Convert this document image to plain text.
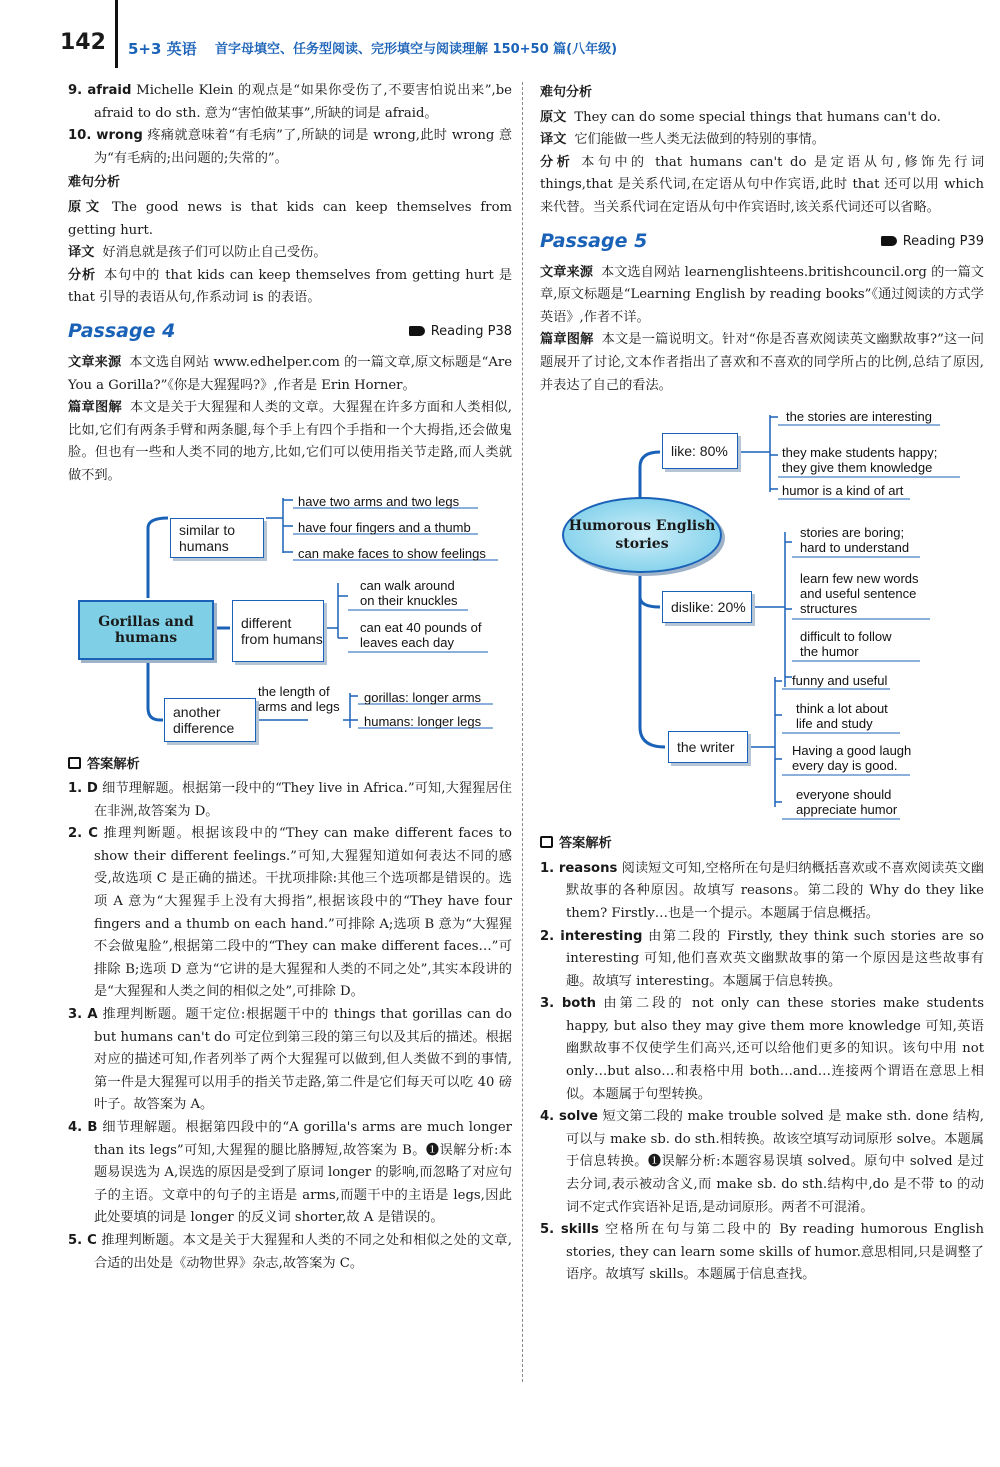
142 5+3 英语 首字母填空、任务型阅读、完形填空与阅读理解 150+50 篇(八年级)

9. afraid Michelle Klein 的观点是“如果你受伤了,不要害怕说出来”,be afraid to do sth. 意为“害怕做某事”,所缺的词是 afraid。

10. wrong 疼痛就意味着“有毛病”了,所缺的词是 wrong,此时 wrong 意为“有毛病的;出问题的;失常的”。

难句分析

原文 The good news is that kids can keep themselves from getting hurt.

译文 好消息就是孩子们可以防止自己受伤。

分析 本句中的 that kids can keep themselves from getting hurt 是 that 引导的表语从句,作系动词 is 的表语。

Passage 4	Reading P38

文章来源 本文选自网站 www.edhelper.com 的一篇文章,原文标题是“Are You a Gorilla?”《你是大猩猩吗?》,作者是 Erin Horner。

篇章图解 本文是关于大猩猩和人类的文章。大猩猩在许多方面和人类相似,比如,它们有两条手臂和两条腿,每个手上有四个手指和一个大拇指,还会做鬼脸。但也有一些和人类不同的地方,比如,它们可以使用指关节走路,而人类就做不到。

Gorillas and humans
similar to humans
different from humans
another difference
have two arms and two legs
have four fingers and a thumb
can make faces to show feelings
can walk around on their knuckles
can eat 40 pounds of leaves each day
the length of arms and legs
gorillas: longer arms
humans: longer legs
答案解析

1. D 细节理解题。根据第一段中的“They live in Africa.”可知,大猩猩居住在非洲,故答案为 D。

2. C 推理判断题。根据该段中的“They can make different faces to show their different feelings.”可知,大猩猩知道如何表达不同的感受,故选项 C 是正确的描述。干扰项排除:其他三个选项都是错误的。选项 A 意为“大猩猩手上没有大拇指”,根据该段中的“They have four fingers and a thumb on each hand.”可排除 A;选项 B 意为“大猩猩不会做鬼脸”,根据第二段中的“They can make different faces…”可排除 B;选项 D 意为“它讲的是大猩猩和人类的不同之处”,其实本段讲的是“大猩猩和人类之间的相似之处”,可排除 D。

3. A 推理判断题。题干定位:根据题干中的 things that gorillas can do but humans can't do 可定位到第三段的第三句以及其后的描述。根据对应的描述可知,作者列举了两个大猩猩可以做到,但人类做不到的事情,第一件是大猩猩可以用手的指关节走路,第二件是它们每天可以吃 40 磅叶子。故答案为 A。

4. B 细节理解题。根据第四段中的“A gorilla's arms are much longer than its legs”可知,大猩猩的腿比胳膊短,故答案为 B。❶误解分析:本题易误选为 A,误选的原因是受到了原词 longer 的影响,而忽略了对应句子的主语。文章中的句子的主语是 arms,而题干中的主语是 legs,因此此处要填的词是 longer 的反义词 shorter,故 A 是错误的。

5. C 推理判断题。本文是关于大猩猩和人类的不同之处和相似之处的文章,合适的出处是《动物世界》杂志,故答案为 C。

难句分析

原文 They can do some special things that humans can't do.

译文 它们能做一些人类无法做到的特别的事情。

分析 本句中的 that humans can't do 是定语从句,修饰先行词 things,that 是关系代词,在定语从句中作宾语,此时 that 还可以用 which 来代替。当关系代词在定语从句中作宾语时,该关系代词还可以省略。

Passage 5	Reading P39

文章来源 本文选自网站 learnenglishteens.britishcouncil.org 的一篇文章,原文标题是“Learning English by reading books”《通过阅读的方式学英语》,作者不详。

篇章图解 本文是一篇说明文。针对“你是否喜欢阅读英文幽默故事?”这一问题展开了讨论,文本作者指出了喜欢和不喜欢的同学所占的比例,总结了原因,并表达了自己的看法。

Humorous English stories
like: 80%
dislike: 20%
the writer
the stories are interesting
they make students happy; they give them knowledge
humor is a kind of art
stories are boring; hard to understand
learn few new words and useful sentence structures
difficult to follow the humor
funny and useful
think a lot about life and study
Having a good laugh every day is good.
everyone should appreciate humor
答案解析

1. reasons 阅读短文可知,空格所在句是归纳概括喜欢或不喜欢阅读英文幽默故事的各种原因。故填写 reasons。第二段的 Why do they like them? Firstly…也是一个提示。本题属于信息概括。

2. interesting 由第二段的 Firstly, they think such stories are so interesting 可知,他们喜欢英文幽默故事的第一个原因是这些故事有趣。故填写 interesting。本题属于信息转换。

3. both 由第二段的 not only can these stories make students happy, but also they may give them more knowledge 可知,英语幽默故事不仅使学生们高兴,还可以给他们更多的知识。该句中用 not only…but also…和表格中用 both…and…连接两个谓语在意思上相似。本题属于句型转换。

4. solve 短文第二段的 make trouble solved 是 make sth. done 结构,可以与 make sb. do sth.相转换。故该空填写动词原形 solve。本题属于信息转换。❶误解分析:本题容易误填 solved。原句中 solved 是过去分词,表示被动含义,而 make sb. do sth.结构中,do 是不带 to 的动词不定式作宾语补足语,是动词原形。两者不可混淆。

5. skills 空格所在句与第二段中的 By reading humorous English stories, they can learn some skills of humor.意思相同,只是调整了语序。故填写 skills。本题属于信息查找。
